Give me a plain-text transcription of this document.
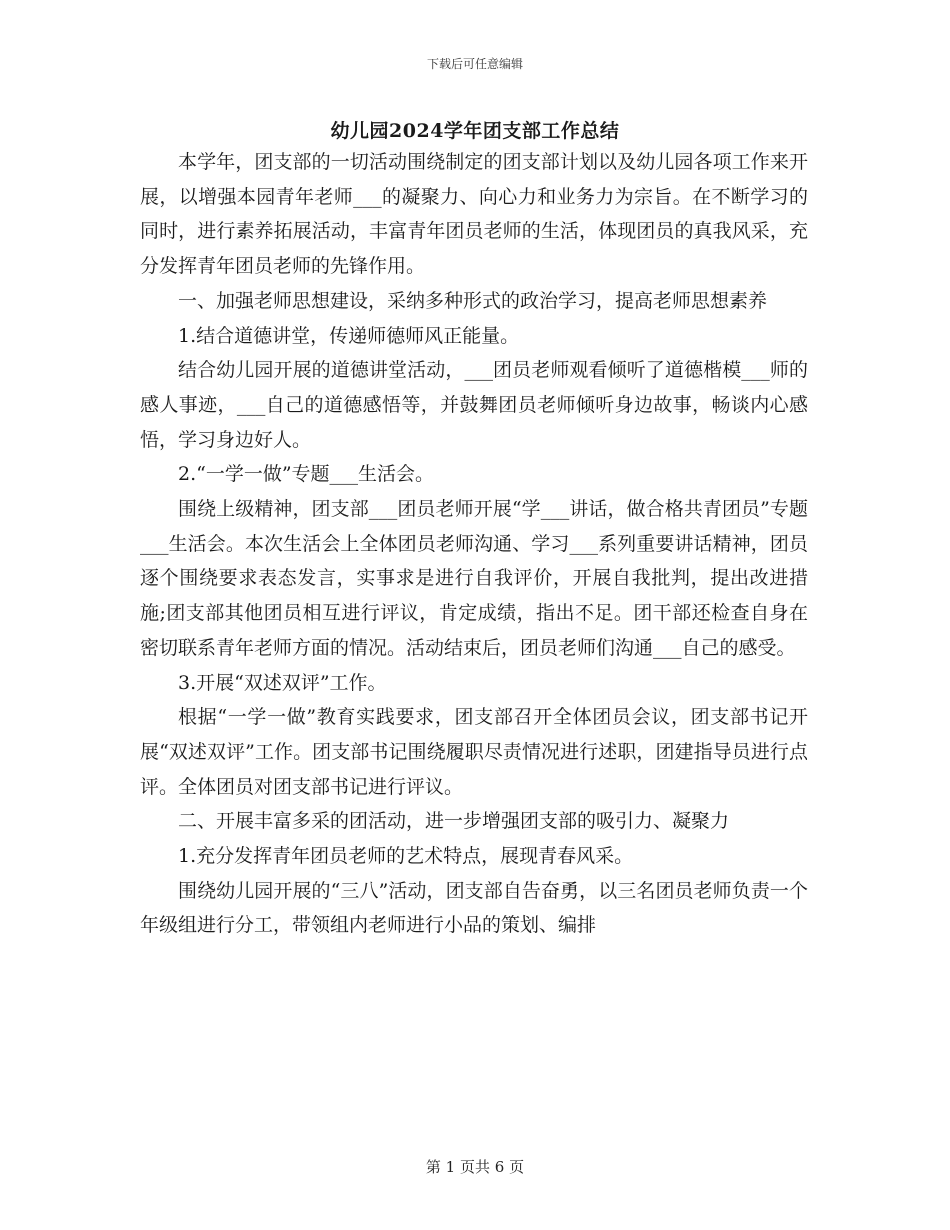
下载后可任意编辑
幼儿园2024学年团支部工作总结

本学年，团支部的一切活动围绕制定的团支部计划以及幼儿园各项工作来开展，以增强本园青年老师___的凝聚力、向心力和业务力为宗旨。在不断学习的同时，进行素养拓展活动，丰富青年团员老师的生活，体现团员的真我风采，充分发挥青年团员老师的先锋作用。

一、加强老师思想建设，采纳多种形式的政治学习，提高老师思想素养

1.结合道德讲堂，传递师德师风正能量。

结合幼儿园开展的道德讲堂活动，___团员老师观看倾听了道德楷模___师的感人事迹，___自己的道德感悟等，并鼓舞团员老师倾听身边故事，畅谈内心感悟，学习身边好人。

2.“一学一做”专题___生活会。

围绕上级精神，团支部___团员老师开展“学___讲话，做合格共青团员”专题___生活会。本次生活会上全体团员老师沟通、学习___系列重要讲话精神，团员逐个围绕要求表态发言，实事求是进行自我评价，开展自我批判，提出改进措施;团支部其他团员相互进行评议，肯定成绩，指出不足。团干部还检查自身在密切联系青年老师方面的情况。活动结束后，团员老师们沟通___自己的感受。

3.开展“双述双评”工作。

根据“一学一做”教育实践要求，团支部召开全体团员会议，团支部书记开展“双述双评”工作。团支部书记围绕履职尽责情况进行述职，团建指导员进行点评。全体团员对团支部书记进行评议。

二、开展丰富多采的团活动，进一步增强团支部的吸引力、凝聚力

1.充分发挥青年团员老师的艺术特点，展现青春风采。

围绕幼儿园开展的“三八”活动，团支部自告奋勇，以三名团员老师负责一个年级组进行分工，带领组内老师进行小品的策划、编排

第 1 页共 6 页
